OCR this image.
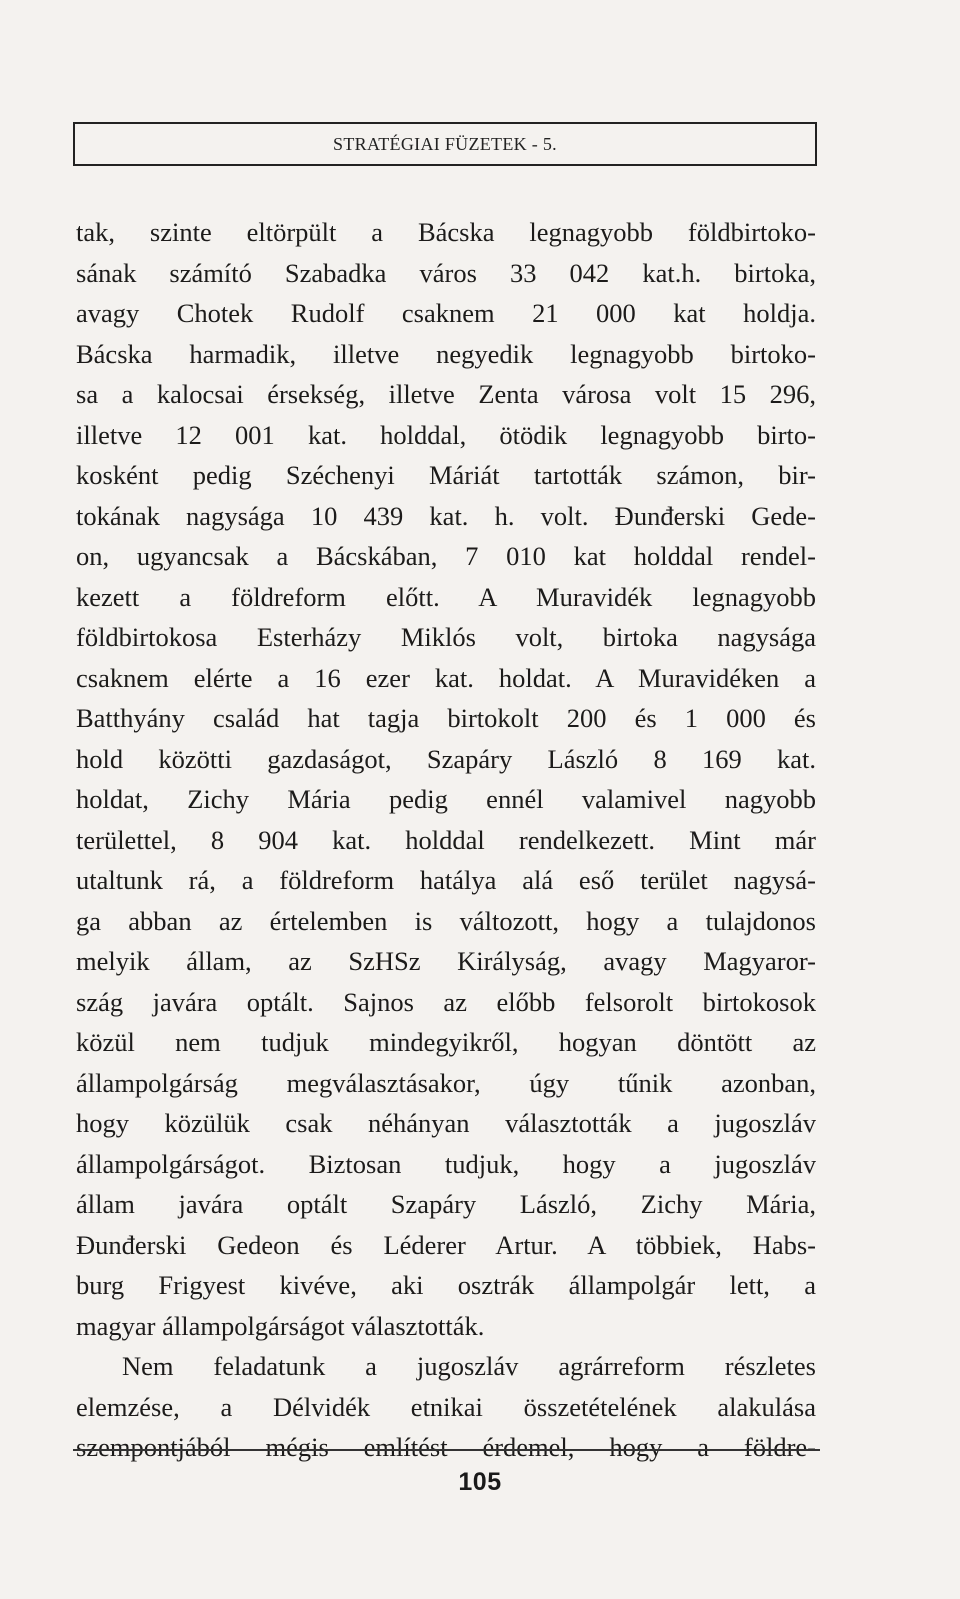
STRATÉGIAI FÜZETEK - 5.
tak, szinte eltörpült a Bácska legnagyobb földbirtoko-
sának számító Szabadka város 33 042 kat.h. birtoka,
avagy Chotek Rudolf csaknem 21 000 kat holdja.
Bácska harmadik, illetve negyedik legnagyobb birtoko-
sa a kalocsai érsekség, illetve Zenta városa volt 15 296,
illetve 12 001 kat. holddal, ötödik legnagyobb birto-
kosként pedig Széchenyi Máriát tartották számon, bir-
tokának nagysága 10 439 kat. h. volt. Đunđerski Gede-
on, ugyancsak a Bácskában, 7 010 kat holddal rendel-
kezett a földreform előtt. A Muravidék legnagyobb
földbirtokosa Esterházy Miklós volt, birtoka nagysága
csaknem elérte a 16 ezer kat. holdat. A Muravidéken a
Batthyány család hat tagja birtokolt 200 és 1 000 és
hold közötti gazdaságot, Szapáry László 8 169 kat.
holdat, Zichy Mária pedig ennél valamivel nagyobb
területtel, 8 904 kat. holddal rendelkezett. Mint már
utaltunk rá, a földreform hatálya alá eső terület nagysá-
ga abban az értelemben is változott, hogy a tulajdonos
melyik állam, az SzHSz Királyság, avagy Magyaror-
szág javára optált. Sajnos az előbb felsorolt birtokosok
közül nem tudjuk mindegyikről, hogyan döntött az
állampolgárság megválasztásakor, úgy tűnik azonban,
hogy közülük csak néhányan választották a jugoszláv
állampolgárságot. Biztosan tudjuk, hogy a jugoszláv
állam javára optált Szapáry László, Zichy Mária,
Đunđerski Gedeon és Léderer Artur. A többiek, Habs-
burg Frigyest kivéve, aki osztrák állampolgár lett, a
magyar állampolgárságot választották.
Nem feladatunk a jugoszláv agrárreform részletes
elemzése, a Délvidék etnikai összetételének alakulása
szempontjából mégis említést érdemel, hogy a földre-
105
